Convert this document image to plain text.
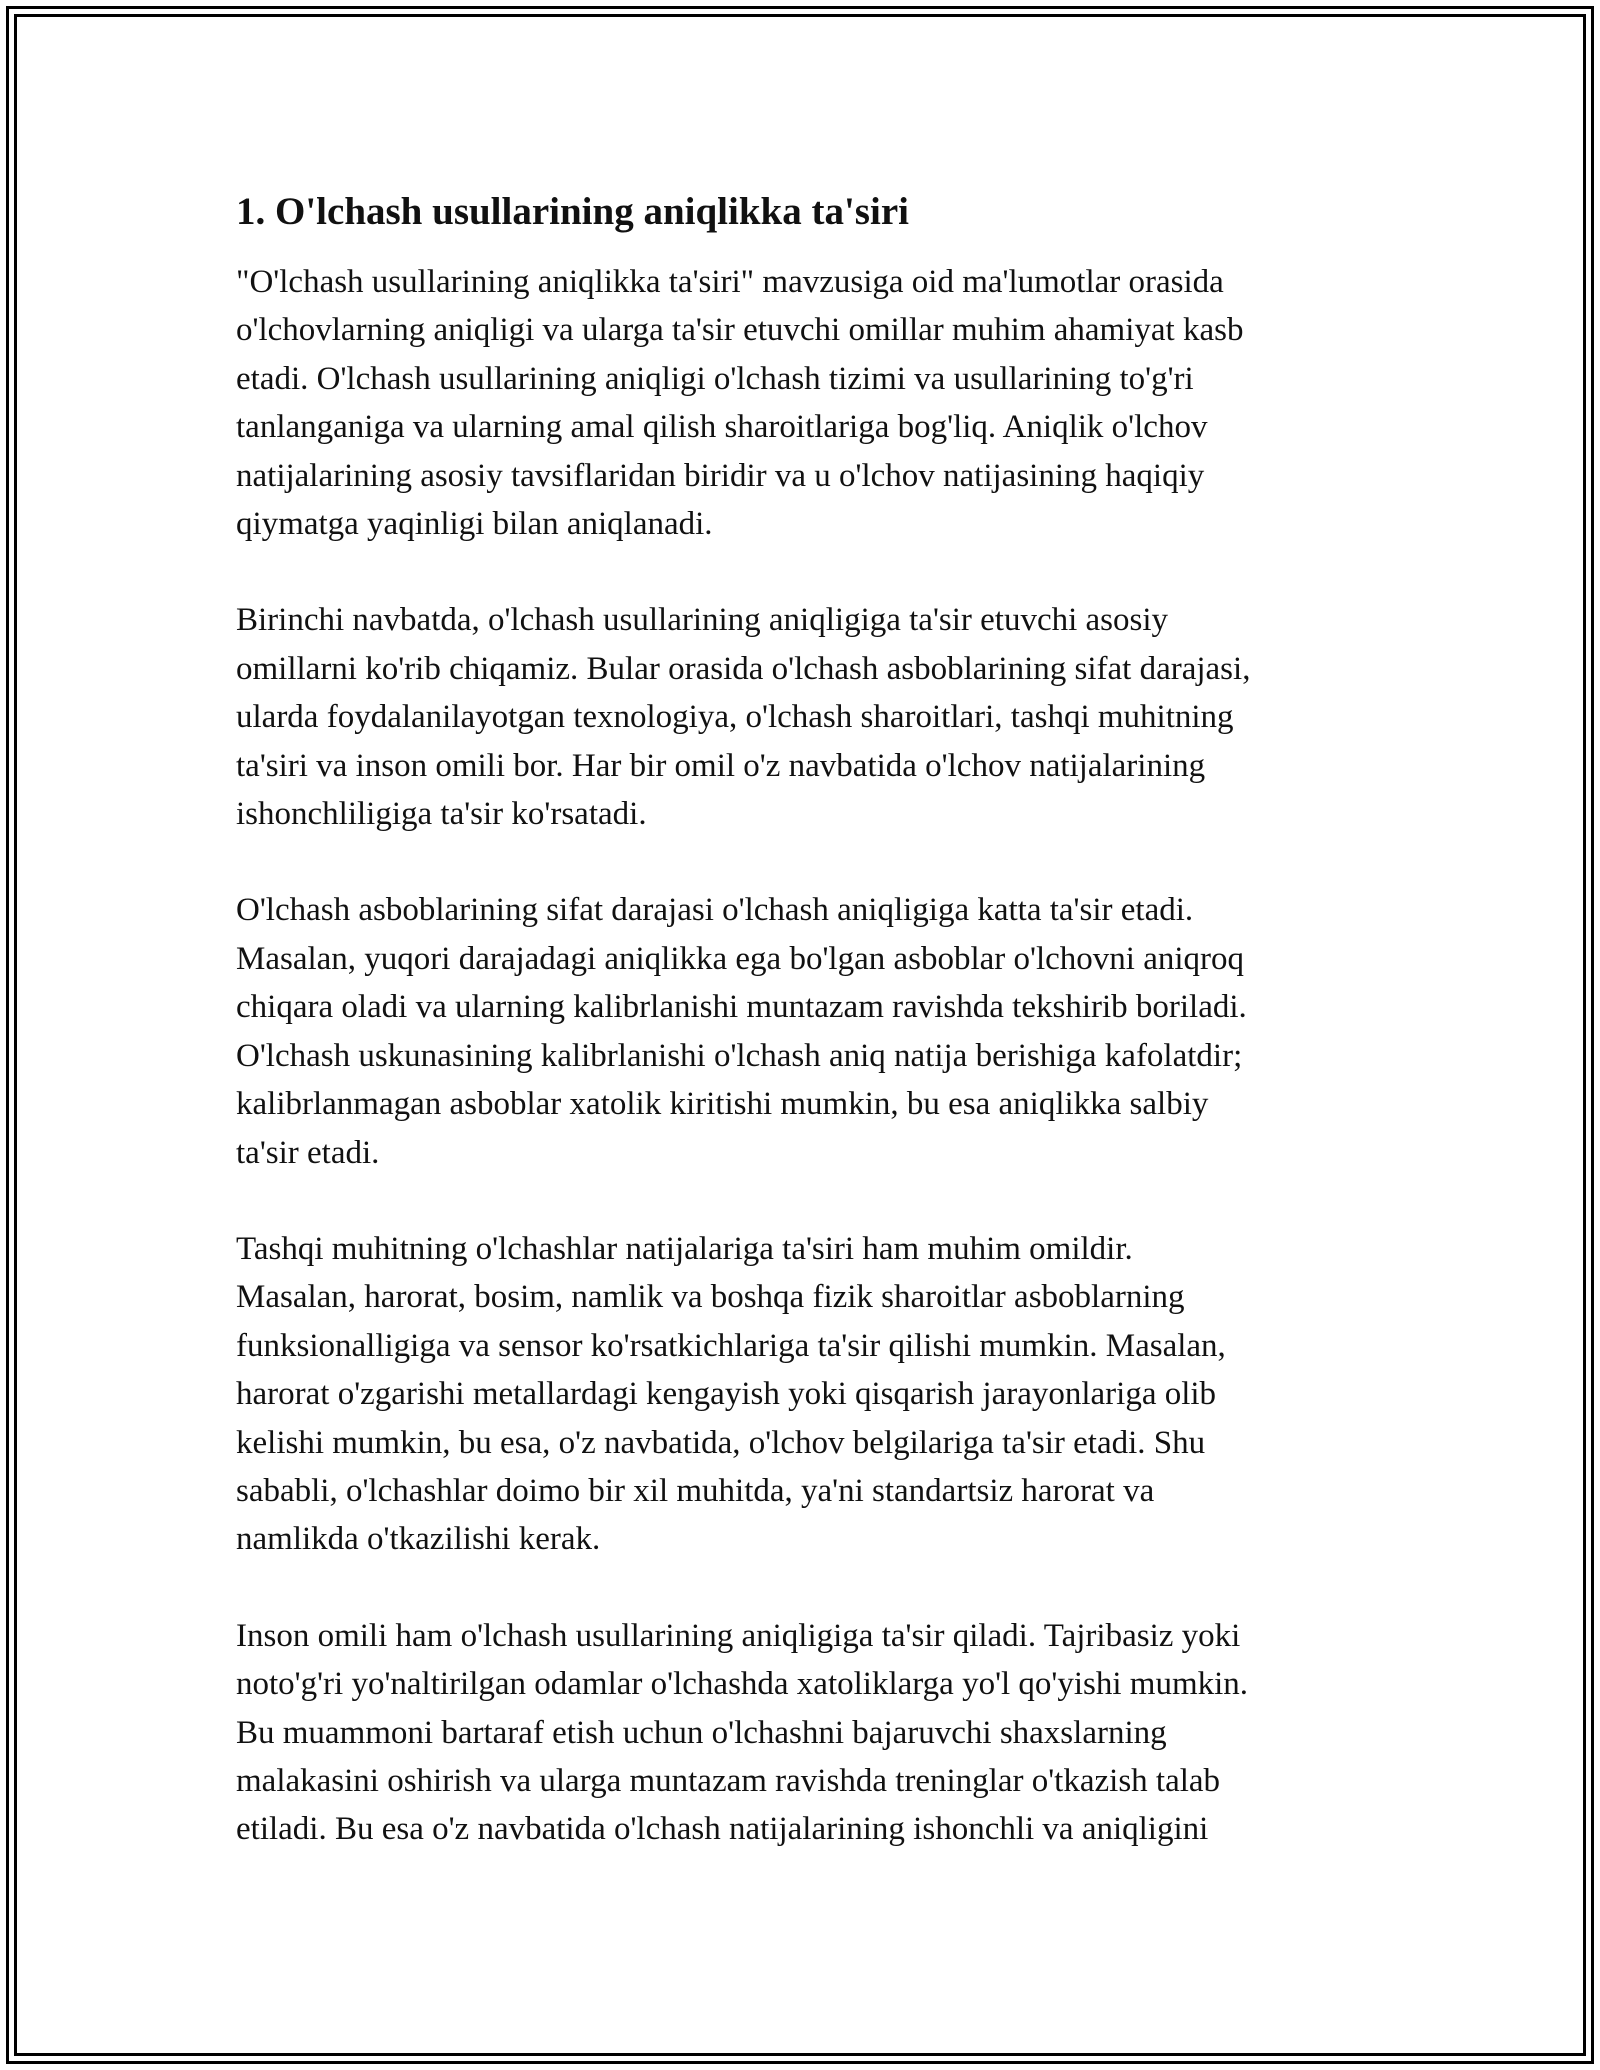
1. O'lchash usullarining aniqlikka ta'siri

"O'lchash usullarining aniqlikka ta'siri" mavzusiga oid ma'lumotlar orasida
o'lchovlarning aniqligi va ularga ta'sir etuvchi omillar muhim ahamiyat kasb
etadi. O'lchash usullarining aniqligi o'lchash tizimi va usullarining to'g'ri
tanlanganiga va ularning amal qilish sharoitlariga bog'liq. Aniqlik o'lchov
natijalarining asosiy tavsiflaridan biridir va u o'lchov natijasining haqiqiy
qiymatga yaqinligi bilan aniqlanadi.

Birinchi navbatda, o'lchash usullarining aniqligiga ta'sir etuvchi asosiy
omillarni ko'rib chiqamiz. Bular orasida o'lchash asboblarining sifat darajasi,
ularda foydalanilayotgan texnologiya, o'lchash sharoitlari, tashqi muhitning
ta'siri va inson omili bor. Har bir omil o'z navbatida o'lchov natijalarining
ishonchliligiga ta'sir ko'rsatadi.

O'lchash asboblarining sifat darajasi o'lchash aniqligiga katta ta'sir etadi.
Masalan, yuqori darajadagi aniqlikka ega bo'lgan asboblar o'lchovni aniqroq
chiqara oladi va ularning kalibrlanishi muntazam ravishda tekshirib boriladi.
O'lchash uskunasining kalibrlanishi o'lchash aniq natija berishiga kafolatdir;
kalibrlanmagan asboblar xatolik kiritishi mumkin, bu esa aniqlikka salbiy
ta'sir etadi.

Tashqi muhitning o'lchashlar natijalariga ta'siri ham muhim omildir.
Masalan, harorat, bosim, namlik va boshqa fizik sharoitlar asboblarning
funksionalligiga va sensor ko'rsatkichlariga ta'sir qilishi mumkin. Masalan,
harorat o'zgarishi metallardagi kengayish yoki qisqarish jarayonlariga olib
kelishi mumkin, bu esa, o'z navbatida, o'lchov belgilariga ta'sir etadi. Shu
sababli, o'lchashlar doimo bir xil muhitda, ya'ni standartsiz harorat va
namlikda o'tkazilishi kerak.

Inson omili ham o'lchash usullarining aniqligiga ta'sir qiladi. Tajribasiz yoki
noto'g'ri yo'naltirilgan odamlar o'lchashda xatoliklarga yo'l qo'yishi mumkin.
Bu muammoni bartaraf etish uchun o'lchashni bajaruvchi shaxslarning
malakasini oshirish va ularga muntazam ravishda treninglar o'tkazish talab
etiladi. Bu esa o'z navbatida o'lchash natijalarining ishonchli va aniqligini
